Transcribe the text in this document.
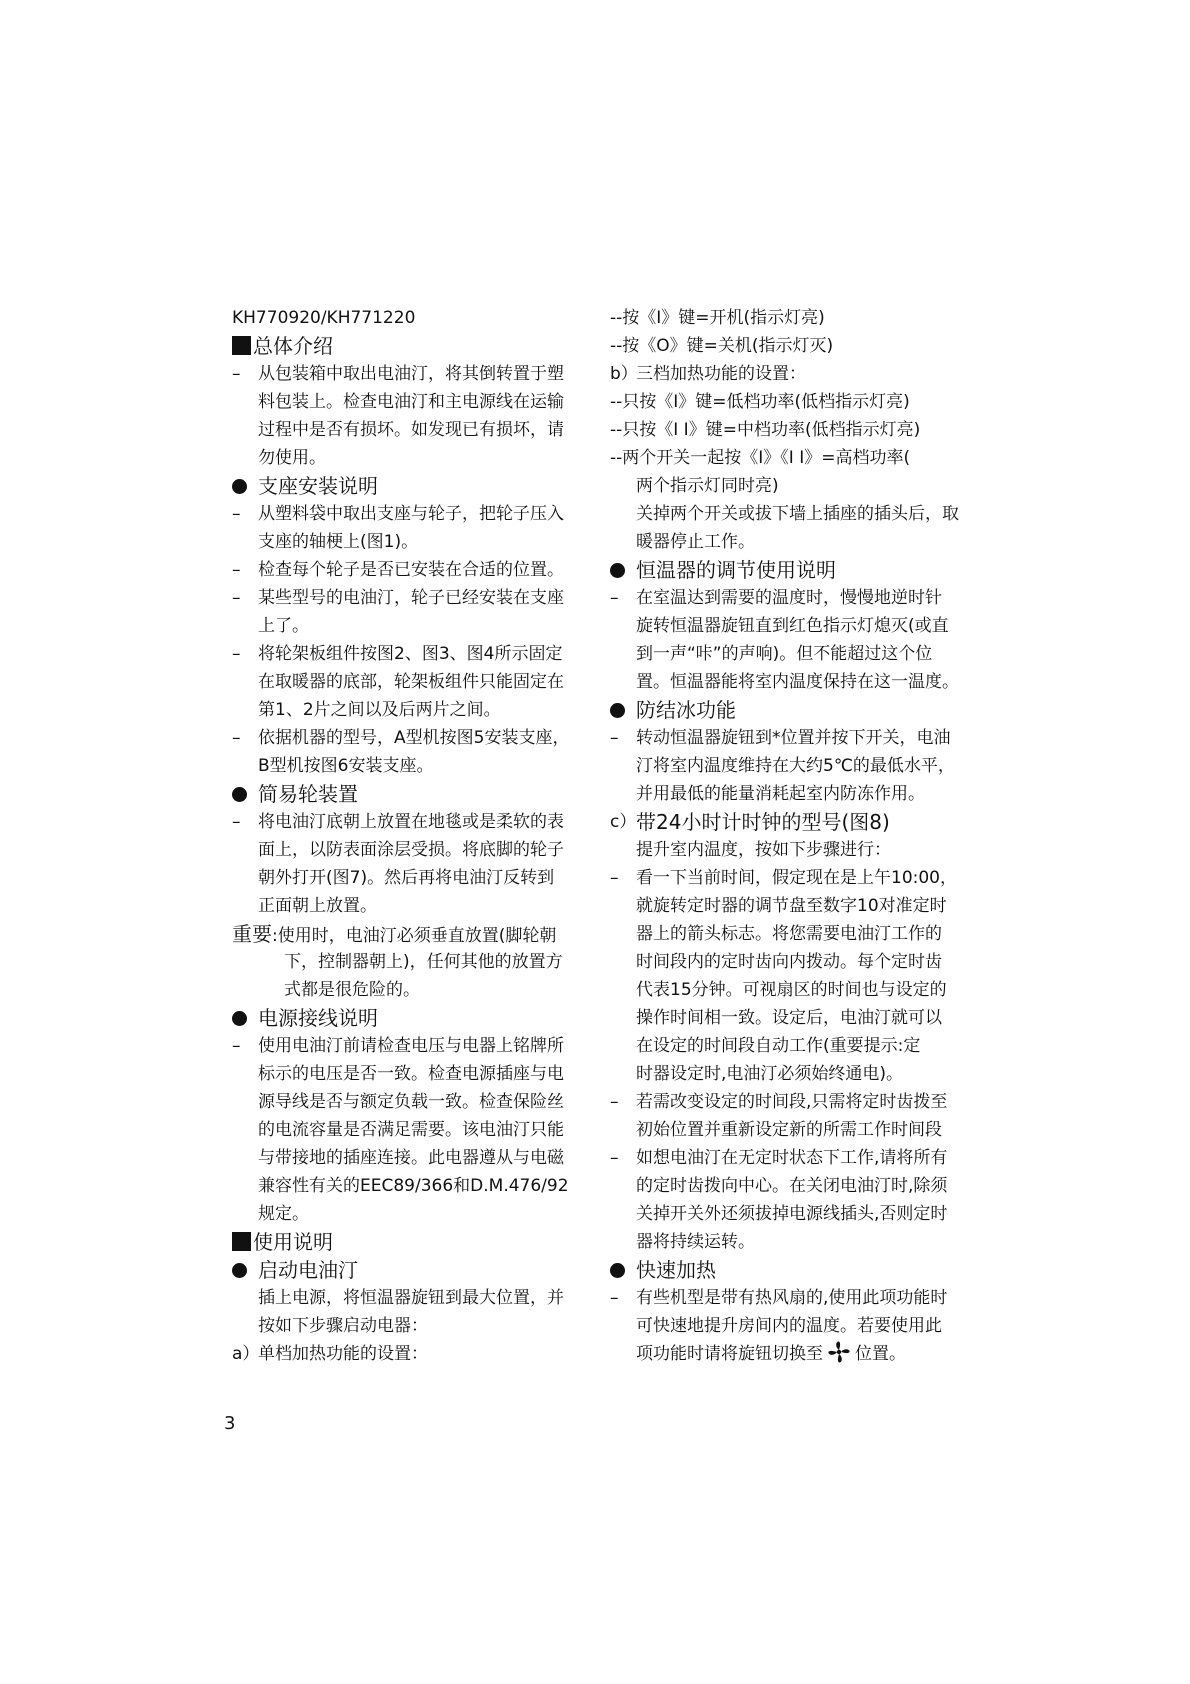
KH770920/KH771220
总体介绍
–	从包装箱中取出电油汀，将其倒转置于塑
料包装上。检查电油汀和主电源线在运输
过程中是否有损坏。如发现已有损坏，请
勿使用。
支座安装说明
–	从塑料袋中取出支座与轮子，把轮子压入
支座的轴梗上(图1)。
–	检查每个轮子是否已安装在合适的位置。
–	某些型号的电油汀，轮子已经安装在支座
上了。
–	将轮架板组件按图2、图3、图4所示固定
在取暖器的底部，轮架板组件只能固定在
第1、2片之间以及后两片之间。
–	依据机器的型号，A型机按图5安装支座，
B型机按图6安装支座。
简易轮装置
–	将电油汀底朝上放置在地毯或是柔软的表
面上，以防表面涂层受损。将底脚的轮子
朝外打开(图7)。然后再将电油汀反转到
正面朝上放置。
重要:使用时，电油汀必须垂直放置(脚轮朝
下，控制器朝上)，任何其他的放置方
式都是很危险的。
电源接线说明
–	使用电油汀前请检查电压与电器上铭牌所
标示的电压是否一致。检查电源插座与电
源导线是否与额定负载一致。检查保险丝
的电流容量是否满足需要。该电油汀只能
与带接地的插座连接。此电器遵从与电磁
兼容性有关的EEC89/366和D.M.476/92
规定。
使用说明
启动电油汀
插上电源，将恒温器旋钮到最大位置，并
按如下步骤启动电器：
a）
单档加热功能的设置：
--按《I》键=开机(指示灯亮)
--按《O》键=关机(指示灯灭)
b）
三档加热功能的设置：
--只按《I》键=低档功率(低档指示灯亮)
--只按《I I》键=中档功率(低档指示灯亮)
--两个开关一起按《I》《I I》=高档功率(
两个指示灯同时亮)
关掉两个开关或拔下墙上插座的插头后，取
暖器停止工作。
恒温器的调节使用说明
–	在室温达到需要的温度时，慢慢地逆时针
旋转恒温器旋钮直到红色指示灯熄灭(或直
到一声“咔”的声响)。但不能超过这个位
置。恒温器能将室内温度保持在这一温度。
防结冰功能
–	转动恒温器旋钮到*位置并按下开关，电油
汀将室内温度维持在大约5℃的最低水平，
并用最低的能量消耗起室内防冻作用。
c） 带24小时计时钟的型号(图8)
提升室内温度，按如下步骤进行：
–	看一下当前时间，假定现在是上午10:00，
就旋转定时器的调节盘至数字10对准定时
器上的箭头标志。将您需要电油汀工作的
时间段内的定时齿向内拨动。每个定时齿
代表15分钟。可视扇区的时间也与设定的
操作时间相一致。设定后，电油汀就可以
在设定的时间段自动工作(重要提示:定
时器设定时,电油汀必须始终通电)。
–	若需改变设定的时间段,只需将定时齿拨至
初始位置并重新设定新的所需工作时间段
–	如想电油汀在无定时状态下工作,请将所有
的定时齿拨向中心。在关闭电油汀时,除须
关掉开关外还须拔掉电源线插头,否则定时
器将持续运转。
快速加热
–	有些机型是带有热风扇的,使用此项功能时
可快速地提升房间内的温度。若要使用此
项功能时请将旋钮切换至 位置。
3
